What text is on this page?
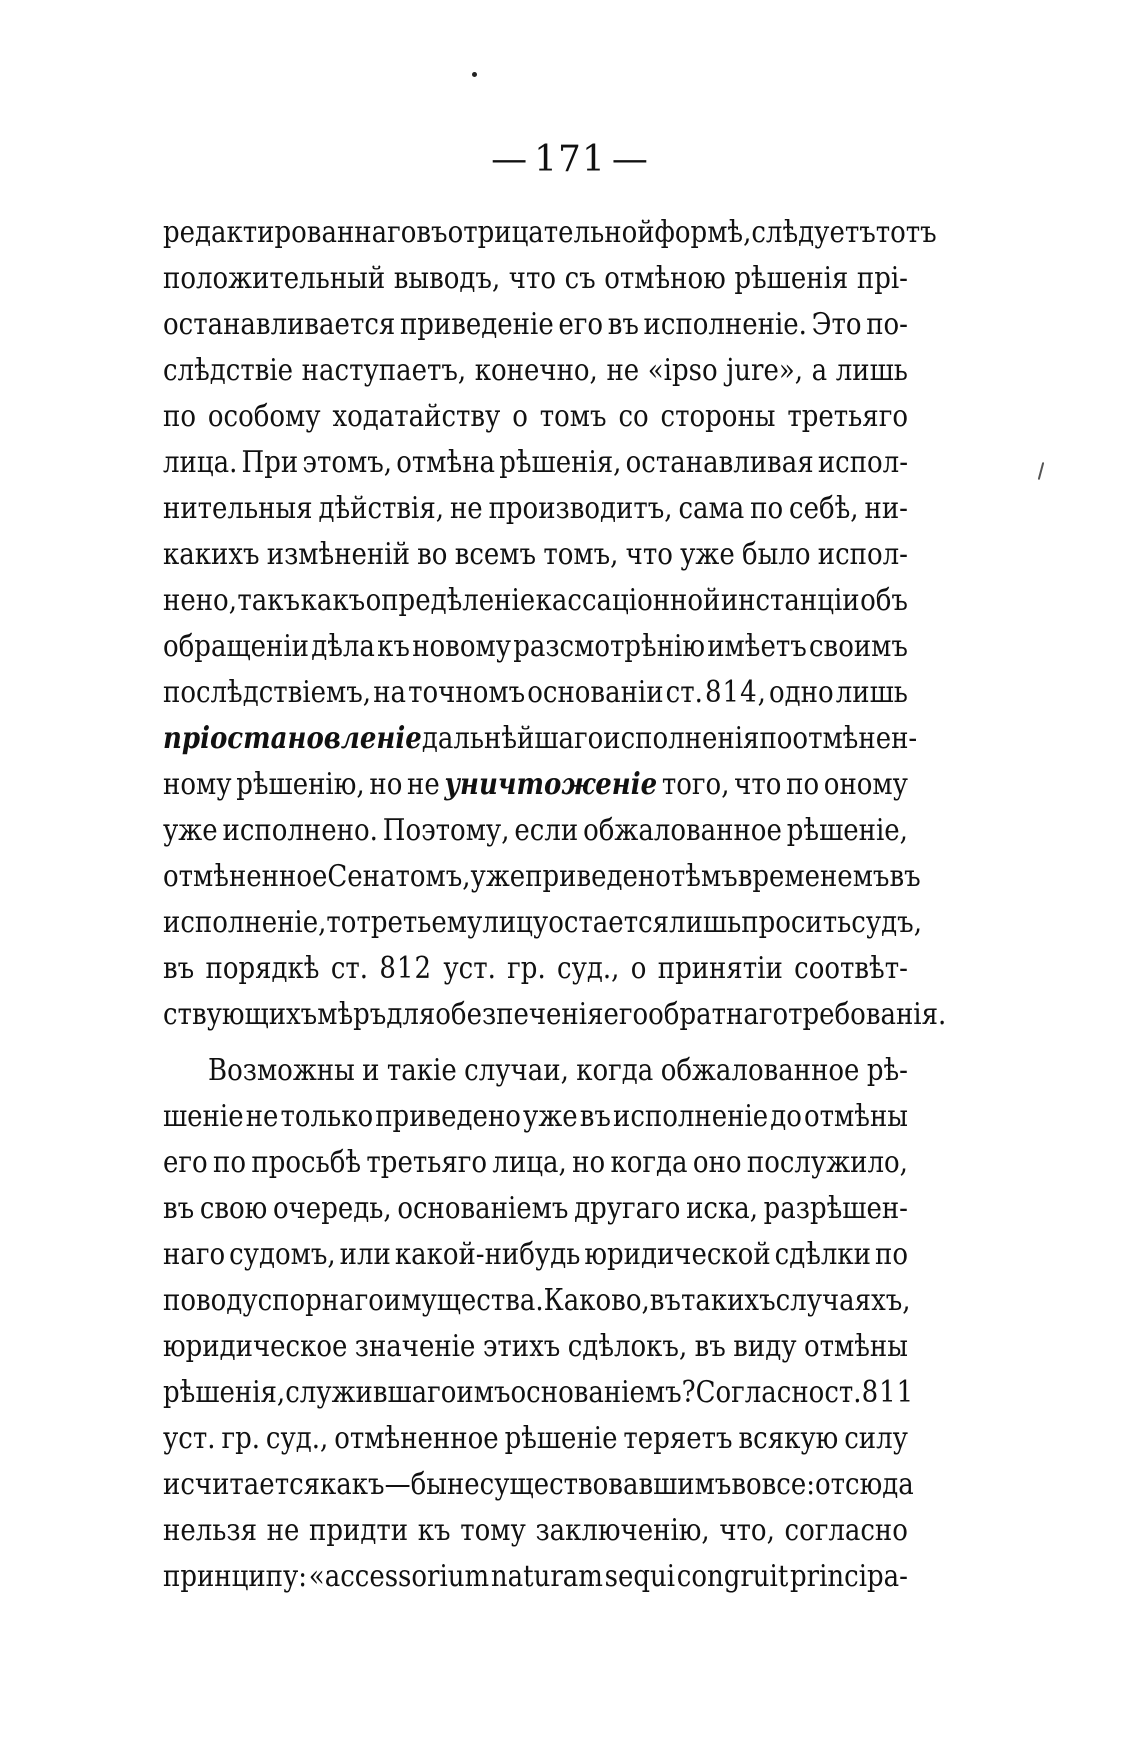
— 171 —
редактированнаго въ отрицательной формѣ, слѣдуетъ тотъ
положительный выводъ, что съ отмѣною рѣшенія прі-
останавливается приведеніе его въ исполненіе. Это по-
слѣдствіе наступаетъ, конечно, не «ipso jure», а лишь
по особому ходатайству о томъ со стороны третьяго
лица. При этомъ, отмѣна рѣшенія, останавливая испол-
нительныя дѣйствія, не производитъ, сама по себѣ, ни-
какихъ измѣненій во всемъ томъ, что уже было испол-
нено, такъ какъ опредѣленіе кассаціонной инстанціи объ
обращеніи дѣла къ новому разсмотрѣнію имѣетъ своимъ
послѣдствіемъ, на точномъ основаніи ст. 814, одно лишь
пріостановленіе дальнѣйшаго исполненія по отмѣнен-
ному рѣшенію, но не уничтоженіе того, что по оному
уже исполнено. Поэтому, если обжалованное рѣшеніе,
отмѣненное Сенатомъ, уже приведено тѣмъ временемъ въ
исполненіе, то третьему лицу остается лишь просить судъ,
въ порядкѣ ст. 812 уст. гр. суд., о принятіи соотвѣт-
ствующихъ мѣръ для обезпеченія его обратнаго требованія.
Возможны и такіе случаи, когда обжалованное рѣ-
шеніе не только приведено уже въ исполненіе до отмѣны
его по просьбѣ третьяго лица, но когда оно послужило,
въ свою очередь, основаніемъ другаго иска, разрѣшен-
наго судомъ, или какой-нибудь юридической сдѣлки по
поводу спорнаго имущества. Каково, въ такихъ случаяхъ,
юридическое значеніе этихъ сдѣлокъ, въ виду отмѣны
рѣшенія, служившаго имъ основаніемъ? Согласно ст. 811
уст. гр. суд., отмѣненное рѣшеніе теряетъ всякую силу
и считается какъ—бы не существовавшимъ вовсе: отсюда
нельзя не придти къ тому заключенію, что, согласно
принципу: «accessorium naturam sequi congruit principa-
